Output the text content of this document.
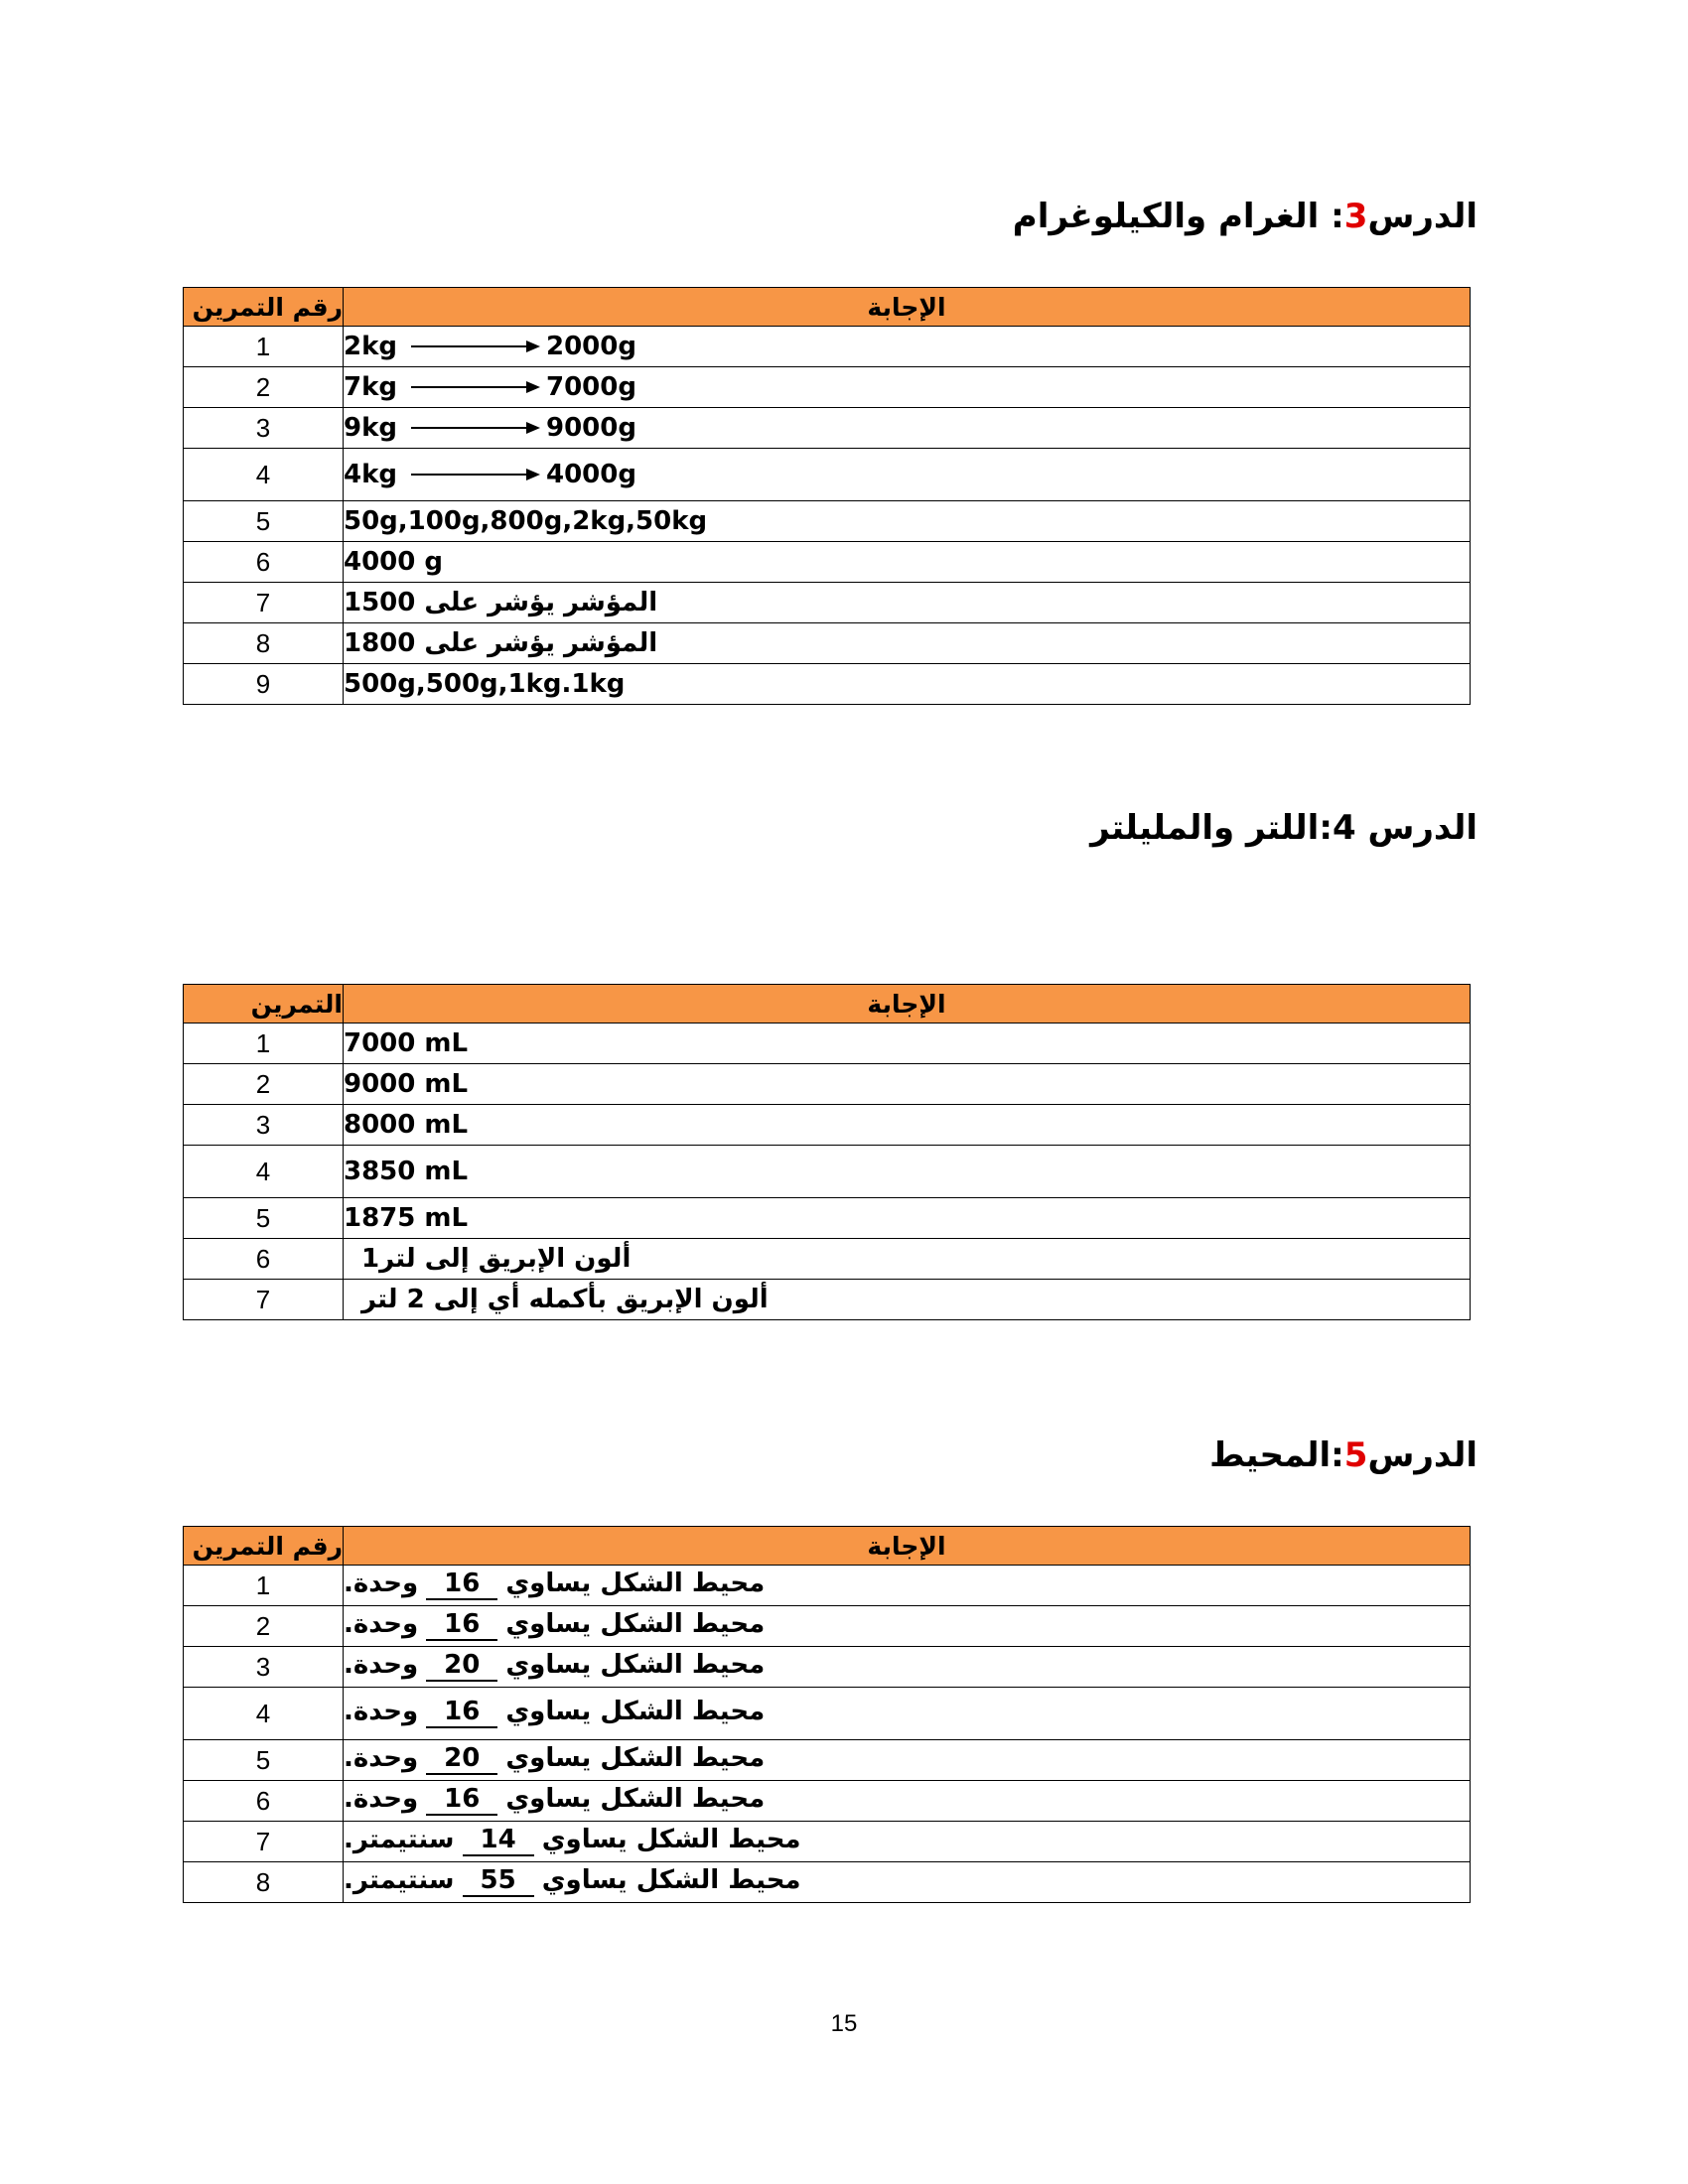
الدرس3: الغرام والكيلوغرام
رقم التمرين	الإجابة
1	2kg 2000g

2	7kg 7000g

3	9kg 9000g

4	4kg 4000g

5	50g,100g,800g,2kg,50kg
6	4000 g
7	المؤشر يؤشر على 1500
8	المؤشر يؤشر على 1800
9	500g,500g,1kg.1kg
الدرس 4:اللتر والمليلتر
التمرين	الإجابة
1	7000 mL
2	9000 mL
3	8000 mL
4	3850 mL
5	1875 mL
6	ألون الإبريق إلى لتر1
7	ألون الإبريق بأكمله أي إلى 2 لتر
الدرس5:المحيط
رقم التمرين	الإجابة
1	محيط الشكل يساوي16وحدة.
2	محيط الشكل يساوي16وحدة.
3	محيط الشكل يساوي20وحدة.
4	محيط الشكل يساوي16وحدة.
5	محيط الشكل يساوي20وحدة.
6	محيط الشكل يساوي16وحدة.
7	محيط الشكل يساوي14سنتيمتر.
8	محيط الشكل يساوي55سنتيمتر.
15
